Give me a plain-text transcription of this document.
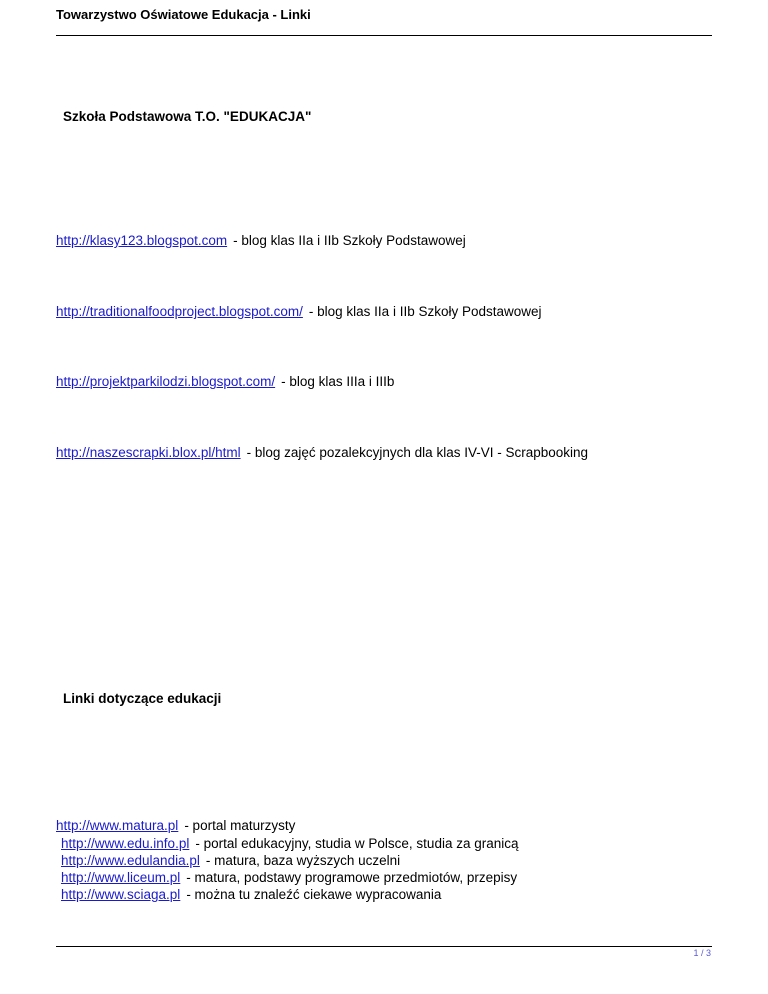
Towarzystwo Oświatowe Edukacja - Linki
Szkoła Podstawowa T.O. "EDUKACJA"
http://klasy123.blogspot.com - blog klas IIa i IIb Szkoły Podstawowej
http://traditionalfoodproject.blogspot.com/ - blog klas IIa i IIb Szkoły Podstawowej
http://projektparkilodzi.blogspot.com/ - blog klas IIIa i IIIb
http://naszescrapki.blox.pl/html - blog zajęć pozalekcyjnych dla klas IV-VI - Scrapbooking
Linki dotyczące edukacji
http://www.matura.pl - portal maturzysty
http://www.edu.info.pl - portal edukacyjny, studia w Polsce, studia za granicą
http://www.edulandia.pl - matura, baza wyższych uczelni
http://www.liceum.pl - matura, podstawy programowe przedmiotów, przepisy
http://www.sciaga.pl - można tu znaleźć ciekawe wypracowania
1 / 3
